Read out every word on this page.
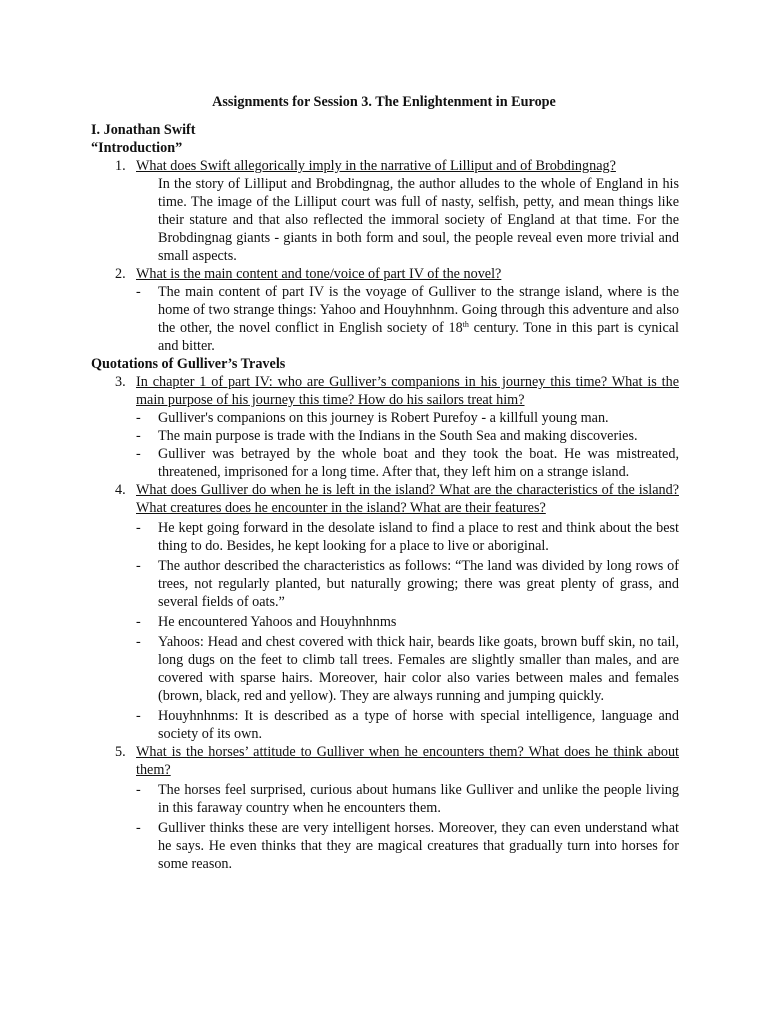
Assignments for Session 3. The Enlightenment in Europe
I. Jonathan Swift
“Introduction”
1. What does Swift allegorically imply in the narrative of Lilliput and of Brobdingnag?
In the story of Lilliput and Brobdingnag, the author alludes to the whole of England in his time. The image of the Lilliput court was full of nasty, selfish, petty, and mean things like their stature and that also reflected the immoral society of England at that time. For the Brobdingnag giants - giants in both form and soul, the people reveal even more trivial and small aspects.
2. What is the main content and tone/voice of part IV of the novel?
- The main content of part IV is the voyage of Gulliver to the strange island, where is the home of two strange things: Yahoo and Houyhnhnm. Going through this adventure and also the other, the novel conflict in English society of 18th century. Tone in this part is cynical and bitter.
Quotations of Gulliver’s Travels
3. In chapter 1 of part IV: who are Gulliver’s companions in his journey this time? What is the main purpose of his journey this time? How do his sailors treat him?
- Gulliver's companions on this journey is Robert Purefoy - a killfull young man.
- The main purpose is trade with the Indians in the South Sea and making discoveries.
- Gulliver was betrayed by the whole boat and they took the boat. He was mistreated, threatened, imprisoned for a long time. After that, they left him on a strange island.
4. What does Gulliver do when he is left in the island? What are the characteristics of the island? What creatures does he encounter in the island? What are their features?
- He kept going forward in the desolate island to find a place to rest and think about the best thing to do. Besides, he kept looking for a place to live or aboriginal.
- The author described the characteristics as follows: “The land was divided by long rows of trees, not regularly planted, but naturally growing; there was great plenty of grass, and several fields of oats.”
- He encountered Yahoos and Houyhnhnms
- Yahoos: Head and chest covered with thick hair, beards like goats, brown buff skin, no tail, long dugs on the feet to climb tall trees. Females are slightly smaller than males, and are covered with sparse hairs. Moreover, hair color also varies between males and females (brown, black, red and yellow). They are always running and jumping quickly.
- Houyhnhnms: It is described as a type of horse with special intelligence, language and society of its own.
5. What is the horses’ attitude to Gulliver when he encounters them? What does he think about them?
- The horses feel surprised, curious about humans like Gulliver and unlike the people living in this faraway country when he encounters them.
- Gulliver thinks these are very intelligent horses. Moreover, they can even understand what he says. He even thinks that they are magical creatures that gradually turn into horses for some reason.
